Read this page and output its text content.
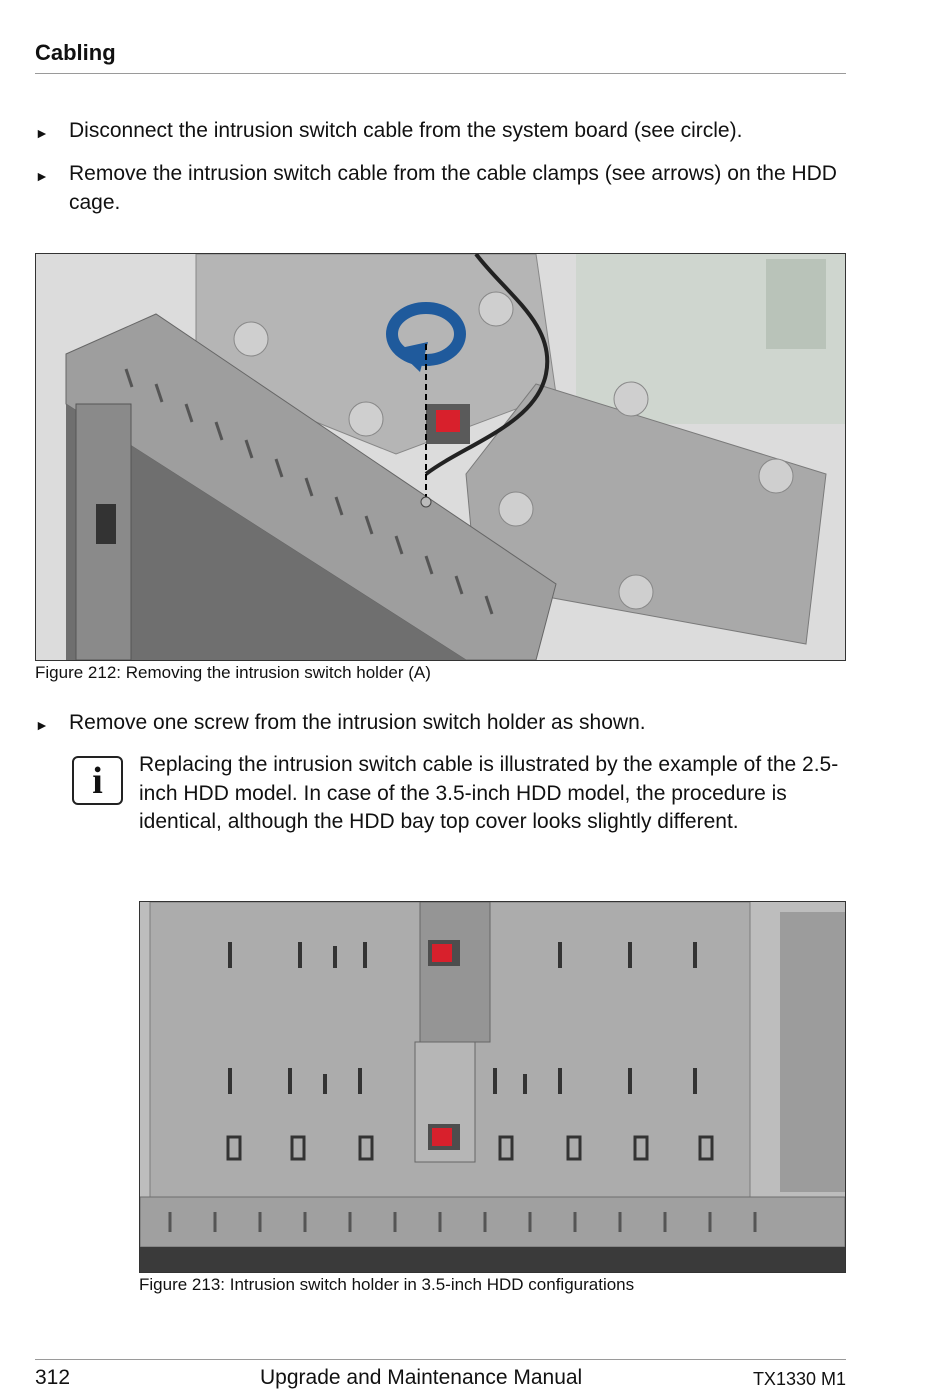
Cabling
► Disconnect the intrusion switch cable from the system board (see circle).
► Remove the intrusion switch cable from the cable clamps (see arrows) on the HDD cage.
Figure 212: Removing the intrusion switch holder (A)
► Remove one screw from the intrusion switch holder as shown.
i Replacing the intrusion switch cable is illustrated by the example of the 2.5-inch HDD model. In case of the 3.5-inch HDD model, the procedure is identical, although the HDD bay top cover looks slightly different.
Figure 213: Intrusion switch holder in 3.5-inch HDD configurations
312	Upgrade and Maintenance Manual	TX1330 M1
